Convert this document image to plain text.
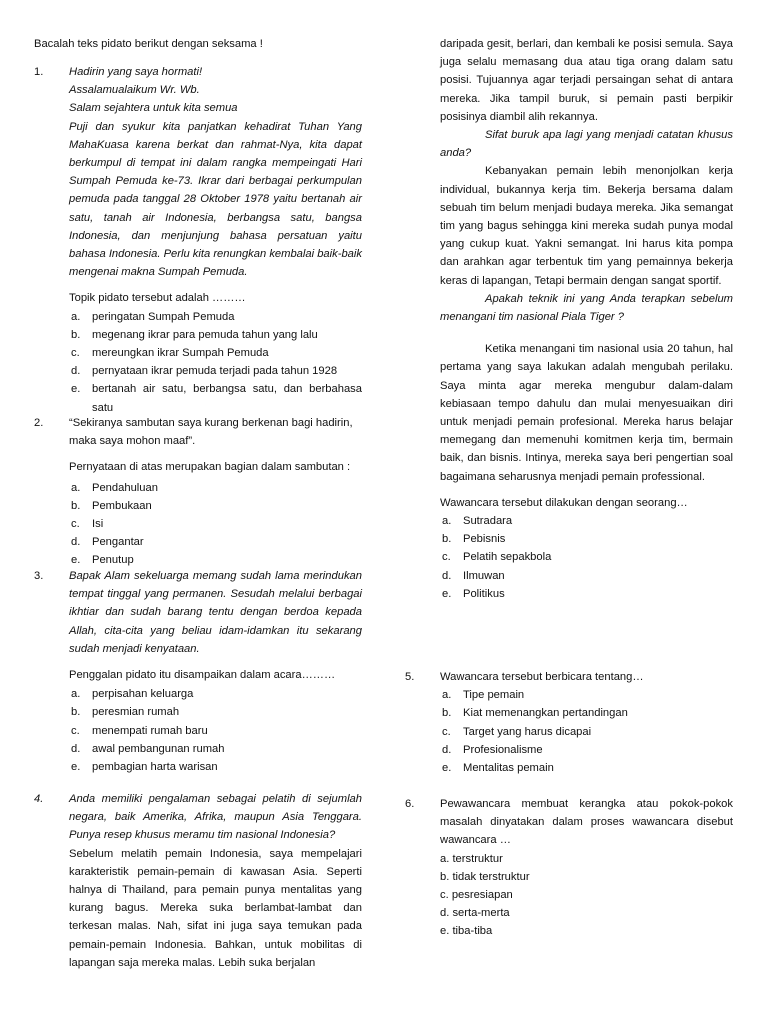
Bacalah teks pidato berikut dengan seksama !
1. Hadirin yang saya hormati!
Assalamualaikum Wr. Wb.
Salam sejahtera untuk kita semua

Puji dan syukur kita panjatkan kehadirat Tuhan Yang MahaKuasa karena berkat dan rahmat-Nya, kita dapat berkumpul di tempat ini dalam rangka mempeingati Hari Sumpah Pemuda ke-73. Ikrar dari berbagai perkumpulan pemuda pada tanggal 28 Oktober 1978 yaitu bertanah air satu, tanah air Indonesia, berbangsa satu, bangsa Indonesia, dan menjunjung bahasa persatuan yaitu bahasa Indonesia. Perlu kita renungkan kembalai baik-baik mengenai makna Sumpah Pemuda.

Topik pidato tersebut adalah ………

a. peringatan Sumpah Pemuda
b. megenang ikrar para pemuda tahun yang lalu
c. mereungkan ikrar Sumpah Pemuda
d. pernyataan ikrar pemuda terjadi pada tahun 1928
e. bertanah air satu, berbangsa satu, dan berbahasa satu
2. “Sekiranya sambutan saya kurang berkenan bagi hadirin, maka saya mohon maaf”.

Pernyataan di atas merupakan bagian dalam sambutan :

a. Pendahuluan
b. Pembukaan
c. Isi
d. Pengantar
e. Penutup
3. Bapak Alam sekeluarga memang sudah lama merindukan tempat tinggal yang permanen. Sesudah melalui berbagai ikhtiar dan sudah barang tentu dengan berdoa kepada Allah, cita-cita yang beliau idam-idamkan itu sekarang sudah menjadi kenyataan.

Penggalan pidato itu disampaikan dalam acara………

a. perpisahan keluarga
b. peresmian rumah
c. menempati rumah baru
d. awal pembangunan rumah
e. pembagian harta warisan
4. Anda memiliki pengalaman sebagai pelatih di sejumlah negara, baik Amerika, Afrika, maupun Asia Tenggara. Punya resep khusus meramu tim nasional Indonesia?

Sebelum melatih pemain Indonesia, saya mempelajari karakteristik pemain-pemain di kawasan Asia. Seperti halnya di Thailand, para pemain punya mentalitas yang kurang bagus. Mereka suka berlambat-lambat dan terkesan malas. Nah, sifat ini juga saya temukan pada pemain-pemain Indonesia. Bahkan, untuk mobilitas di lapangan saja mereka malas. Lebih suka berjalan

daripada gesit, berlari, dan kembali ke posisi semula. Saya juga selalu memasang dua atau tiga orang dalam satu posisi. Tujuannya agar terjadi persaingan sehat di antara mereka. Jika tampil buruk, si pemain pasti berpikir posisinya diambil alih rekannya.

Sifat buruk apa lagi yang menjadi catatan khusus anda?

Kebanyakan pemain lebih menonjolkan kerja individual, bukannya kerja tim. Bekerja bersama dalam sebuah tim belum menjadi budaya mereka. Jika semangat tim yang bagus sehingga kini mereka sudah punya modal yang cukup kuat. Yakni semangat. Ini harus kita pompa dan arahkan agar terbentuk tim yang pemainnya bekerja keras di lapangan, Tetapi bermain dengan sangat sportif.

Apakah teknik ini yang Anda terapkan sebelum menangani tim nasional Piala Tiger ?

Ketika menangani tim nasional usia 20 tahun, hal pertama yang saya lakukan adalah mengubah perilaku. Saya minta agar mereka mengubur dalam-dalam kebiasaan tempo dahulu dan mulai menyesuaikan diri untuk menjadi pemain profesional. Mereka harus belajar memegang dan memenuhi komitmen kerja tim, bermain baik, dan bisnis. Intinya, mereka saya beri pengertian soal bagaimana seharusnya menjadi pemain professional.

Wawancara tersebut dilakukan dengan seorang…

a. Sutradara
b. Pebisnis
c. Pelatih sepakbola
d. Ilmuwan
e. Politikus
5. Wawancara tersebut berbicara tentang…

a. Tipe pemain
b. Kiat memenangkan pertandingan
c. Target yang harus dicapai
d. Profesionalisme
e. Mentalitas pemain
6. Pewawancara membuat kerangka atau pokok-pokok masalah dinyatakan dalam proses wawancara disebut wawancara …

a. terstruktur
b. tidak terstruktur
c. pesresiapan
d. serta-merta
e. tiba-tiba
